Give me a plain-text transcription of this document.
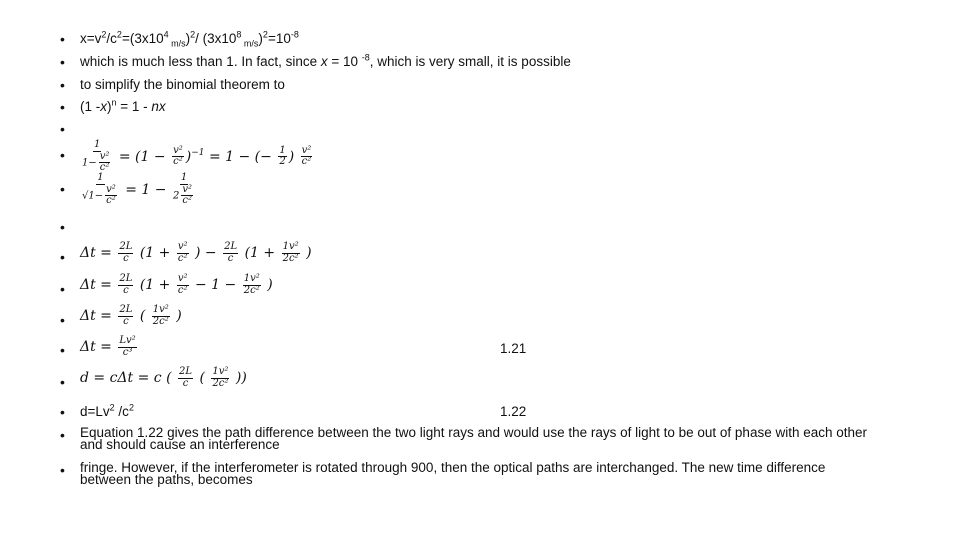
•
•
•
•
•
•
•
•
•
•
•
•
•
•
•
•
$x=v^2/c^2=(3x10^4$ $_{m/s}$)$^2$/ ($3x10^8$ $_{m/s})^2=10^{-8}$
which is much less than 1. In fact, since x = 10 $^{-8}$, which is very small, it is possible
to simplify the binomial theorem to
(1 -x)$^n$ = 1 - nx
$\frac{1}{1- \frac{\text{v²}}{\text{c²}}} = (1 - \frac{\text{v²}}{\text{c²}} )^{-1} = 1$ − (− $\frac{1}{2}$ ) $\frac{\text{v²}}{\text{c²}}$
$\frac{1}{√1- \frac{\text{v²}}{\text{c²}}} = 1 - \frac{1}{2 \frac{\text{v²}}{\text{c²}}}$
$\Delta t = \frac{2L}{c} (1 + \frac{\text{v²}}{\text{c²}}$ ) − $\frac{2L}{c} (1 + \frac{\text{1v²}}{\text{2c²}}$ )
$\Delta t = \frac{2L}{c} (1 + \frac{\text{v²}}{\text{c²}} - 1 - \frac{\text{1v²}}{\text{2c²}}$ )
$\Delta t = \frac{2L}{c}$ ( $\frac{\text{1v²}}{\text{2c²}}$ )
$\Delta t = \frac{\text{Lv²}}{\text{c³}}$	1.21
d = cΔt = c ( $\frac{2L}{c}$ ( $\frac{\text{1v²}}{\text{2c²}}$ ))
$d=Lv^2$ $/c^2$	1.22
Equation 1.22 gives the path difference between the two light rays and would use the rays of light to be out of phase with each other and should cause an interference
fringe. However, if the interferometer is rotated through 900, then the optical paths are interchanged. The new time difference between the paths, becomes
